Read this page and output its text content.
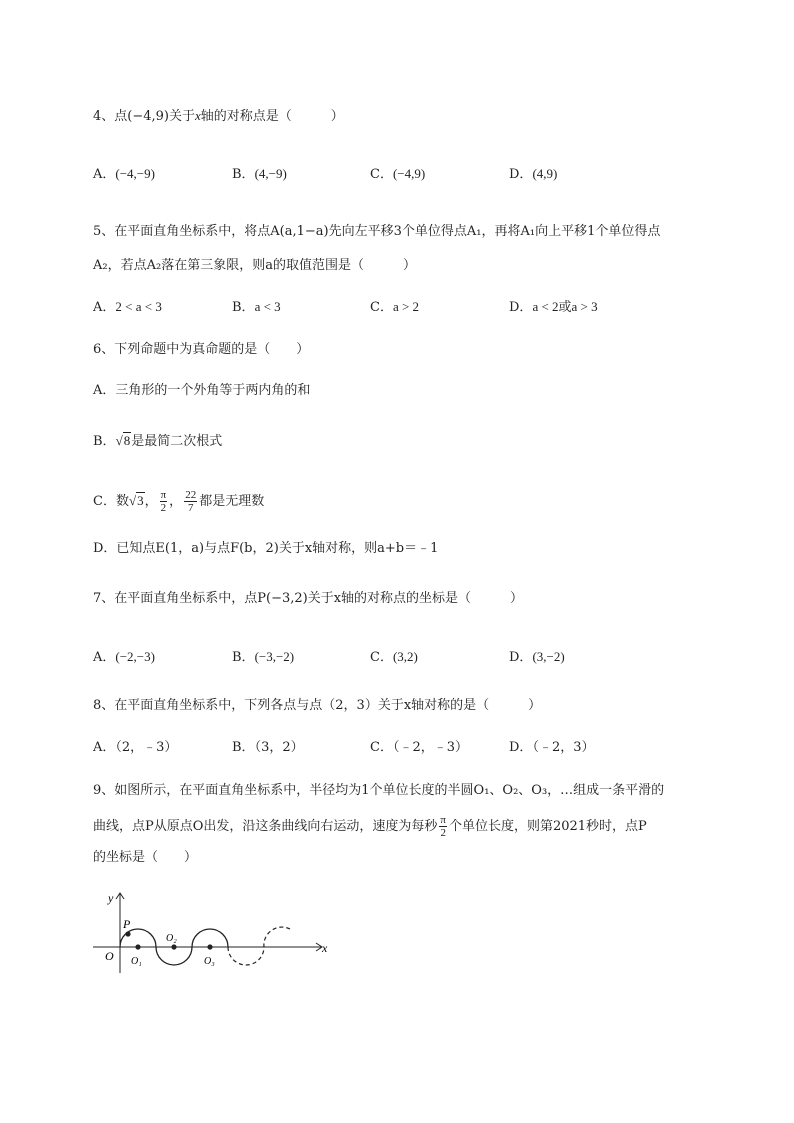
4、点(−4,9)关于x轴的对称点是（　　　）
A．(−4,−9)	B．(4,−9)	C．(−4,9)	D．(4,9)
5、在平面直角坐标系中，将点A(a,1−a)先向左平移3个单位得点A₁，再将A₁向上平移1个单位得点
A₂，若点A₂落在第三象限，则a的取值范围是（　　　）
A．2 < a < 3	B．a < 3	C．a > 2	D．a < 2或a > 3
6、下列命题中为真命题的是（　　）
A．三角形的一个外角等于两内角的和
B．√8是最简二次根式
C．数√3， $\frac{\pi}{2}$ ， $\frac{22}{7}$ 都是无理数
D．已知点E(1，a)与点F(b，2)关于x轴对称，则a+b＝﹣1
7、在平面直角坐标系中，点P(−3,2)关于x轴的对称点的坐标是（　　　）
A．(−2,−3)	B．(−3,−2)	C．(3,2)	D．(3,−2)
8、在平面直角坐标系中，下列各点与点（2，3）关于x轴对称的是（　　　）
A．（2，﹣3）	B．（3，2）	C．（﹣2，﹣3）	D．（﹣2，3）
9、如图所示，在平面直角坐标系中，半径均为1个单位长度的半圆O₁、O₂、O₃，…组成一条平滑的
曲线，点P从原点O出发，沿这条曲线向右运动，速度为每秒 $\frac{\pi}{2}$ 个单位长度，则第2021秒时，点P
的坐标是（　　）
y
x
O
P
O₁
O₂
O₃
